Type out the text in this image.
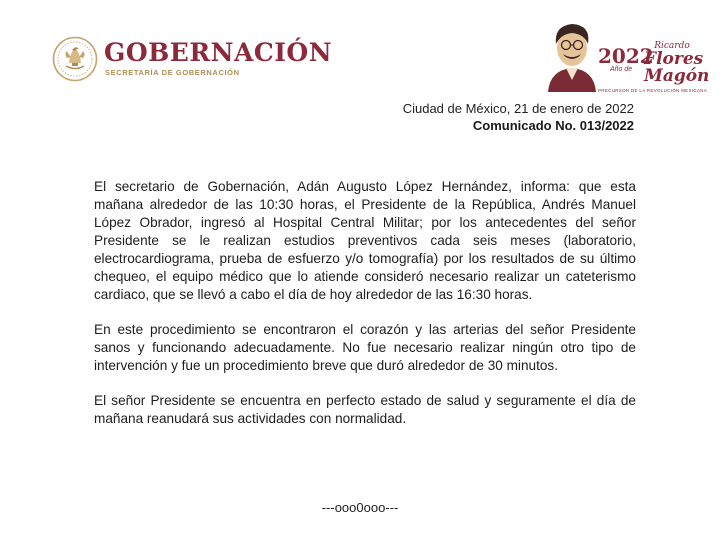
GOBERNACIÓN
SECRETARÍA DE GOBERNACIÓN
2022
Año de
Ricardo
Flores
Magón
PRECURSOR DE LA REVOLUCIÓN MEXICANA
Ciudad de México, 21 de enero de 2022
Comunicado No. 013/2022

El secretario de Gobernación, Adán Augusto López Hernández, informa: que esta mañana alrededor de las 10:30 horas, el Presidente de la República, Andrés Manuel López Obrador, ingresó al Hospital Central Militar; por los antecedentes del señor Presidente se le realizan estudios preventivos cada seis meses (laboratorio, electrocardiograma, prueba de esfuerzo y/o tomografía) por los resultados de su último chequeo, el equipo médico que lo atiende consideró necesario realizar un cateterismo cardiaco, que se llevó a cabo el día de hoy alrededor de las 16:30 horas.

En este procedimiento se encontraron el corazón y las arterias del señor Presidente sanos y funcionando adecuadamente. No fue necesario realizar ningún otro tipo de intervención y fue un procedimiento breve que duró alrededor de 30 minutos.

El señor Presidente se encuentra en perfecto estado de salud y seguramente el día de mañana reanudará sus actividades con normalidad.

---ooo0ooo---
